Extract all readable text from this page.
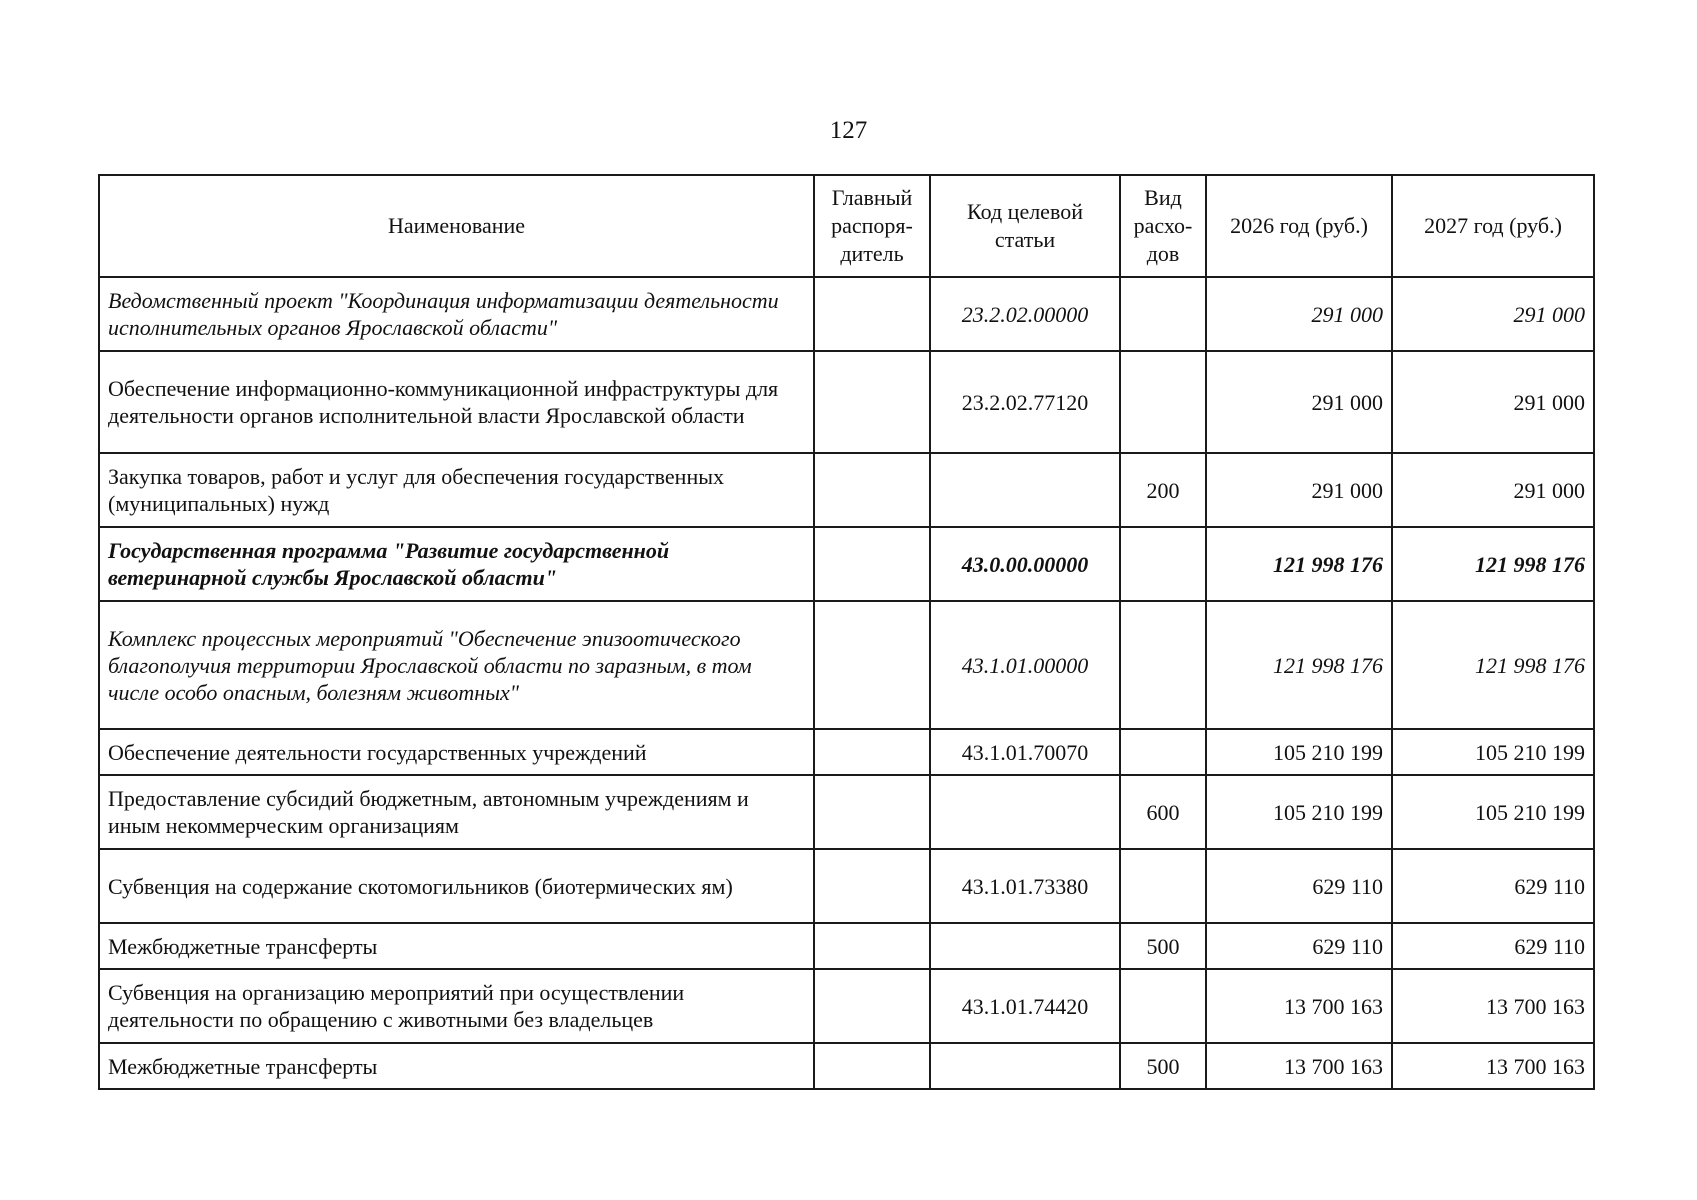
127
Наименование	Главный распоря-дитель	Код целевой статьи	Вид расхо-дов	2026 год (руб.)	2027 год (руб.)
Ведомственный проект "Координация информатизации деятельности исполнительных органов Ярославской области"		23.2.02.00000		291 000	291 000
Обеспечение информационно-коммуникационной инфраструктуры для деятельности органов исполнительной власти Ярославской области		23.2.02.77120		291 000	291 000
Закупка товаров, работ и услуг для обеспечения государственных (муниципальных) нужд			200	291 000	291 000
Государственная программа "Развитие государственной ветеринарной службы Ярославской области"		43.0.00.00000		121 998 176	121 998 176
Комплекс процессных мероприятий "Обеспечение эпизоотического благополучия территории Ярославской области по заразным, в том числе особо опасным, болезням животных"		43.1.01.00000		121 998 176	121 998 176
Обеспечение деятельности государственных учреждений		43.1.01.70070		105 210 199	105 210 199
Предоставление субсидий бюджетным, автономным учреждениям и иным некоммерческим организациям			600	105 210 199	105 210 199
Субвенция на содержание скотомогильников (биотермических ям)		43.1.01.73380		629 110	629 110
Межбюджетные трансферты			500	629 110	629 110
Субвенция на организацию мероприятий при осуществлении деятельности по обращению с животными без владельцев		43.1.01.74420		13 700 163	13 700 163
Межбюджетные трансферты			500	13 700 163	13 700 163
